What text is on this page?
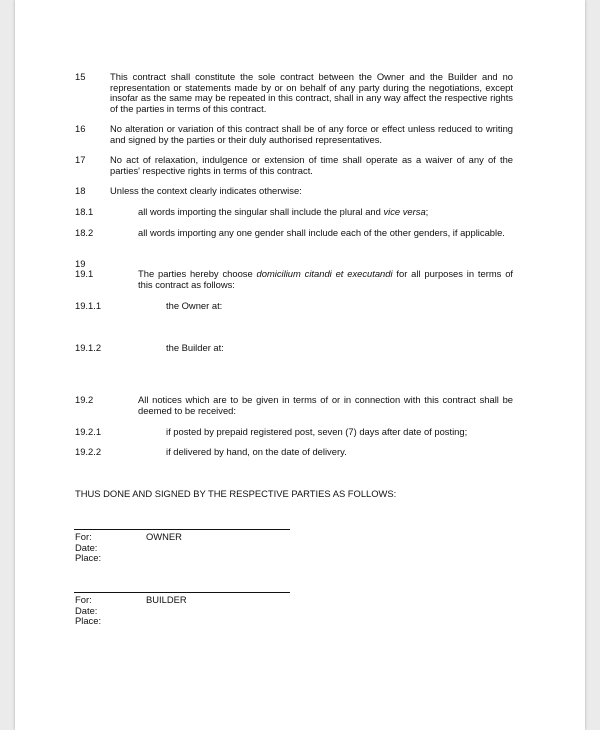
15	This contract shall constitute the sole contract between the Owner and the Builder and no representation or statements made by or on behalf of any party during the negotiations, except insofar as the same may be repeated in this contract, shall in any way affect the respective rights of the parties in terms of this contract.
16	No alteration or variation of this contract shall be of any force or effect unless reduced to writing and signed by the parties or their duly authorised representatives.
17	No act of relaxation, indulgence or extension of time shall operate as a waiver of any of the parties' respective rights in terms of this contract.
18	Unless the context clearly indicates otherwise:
18.1	all words importing the singular shall include the plural and vice versa;
18.2	all words importing any one gender shall include each of the other genders, if applicable.
19
19.1	The parties hereby choose domicilium citandi et executandi for all purposes in terms of this contract as follows:
19.1.1	the Owner at:
19.1.2	the Builder at:
19.2	All notices which are to be given in terms of or in connection with this contract shall be deemed to be received:
19.2.1	if posted by prepaid registered post, seven (7) days after date of posting;
19.2.2	if delivered by hand, on the date of delivery.
THUS DONE AND SIGNED BY THE RESPECTIVE PARTIES AS FOLLOWS:
For:	OWNER
Date:
Place:
For:	BUILDER
Date:
Place:
